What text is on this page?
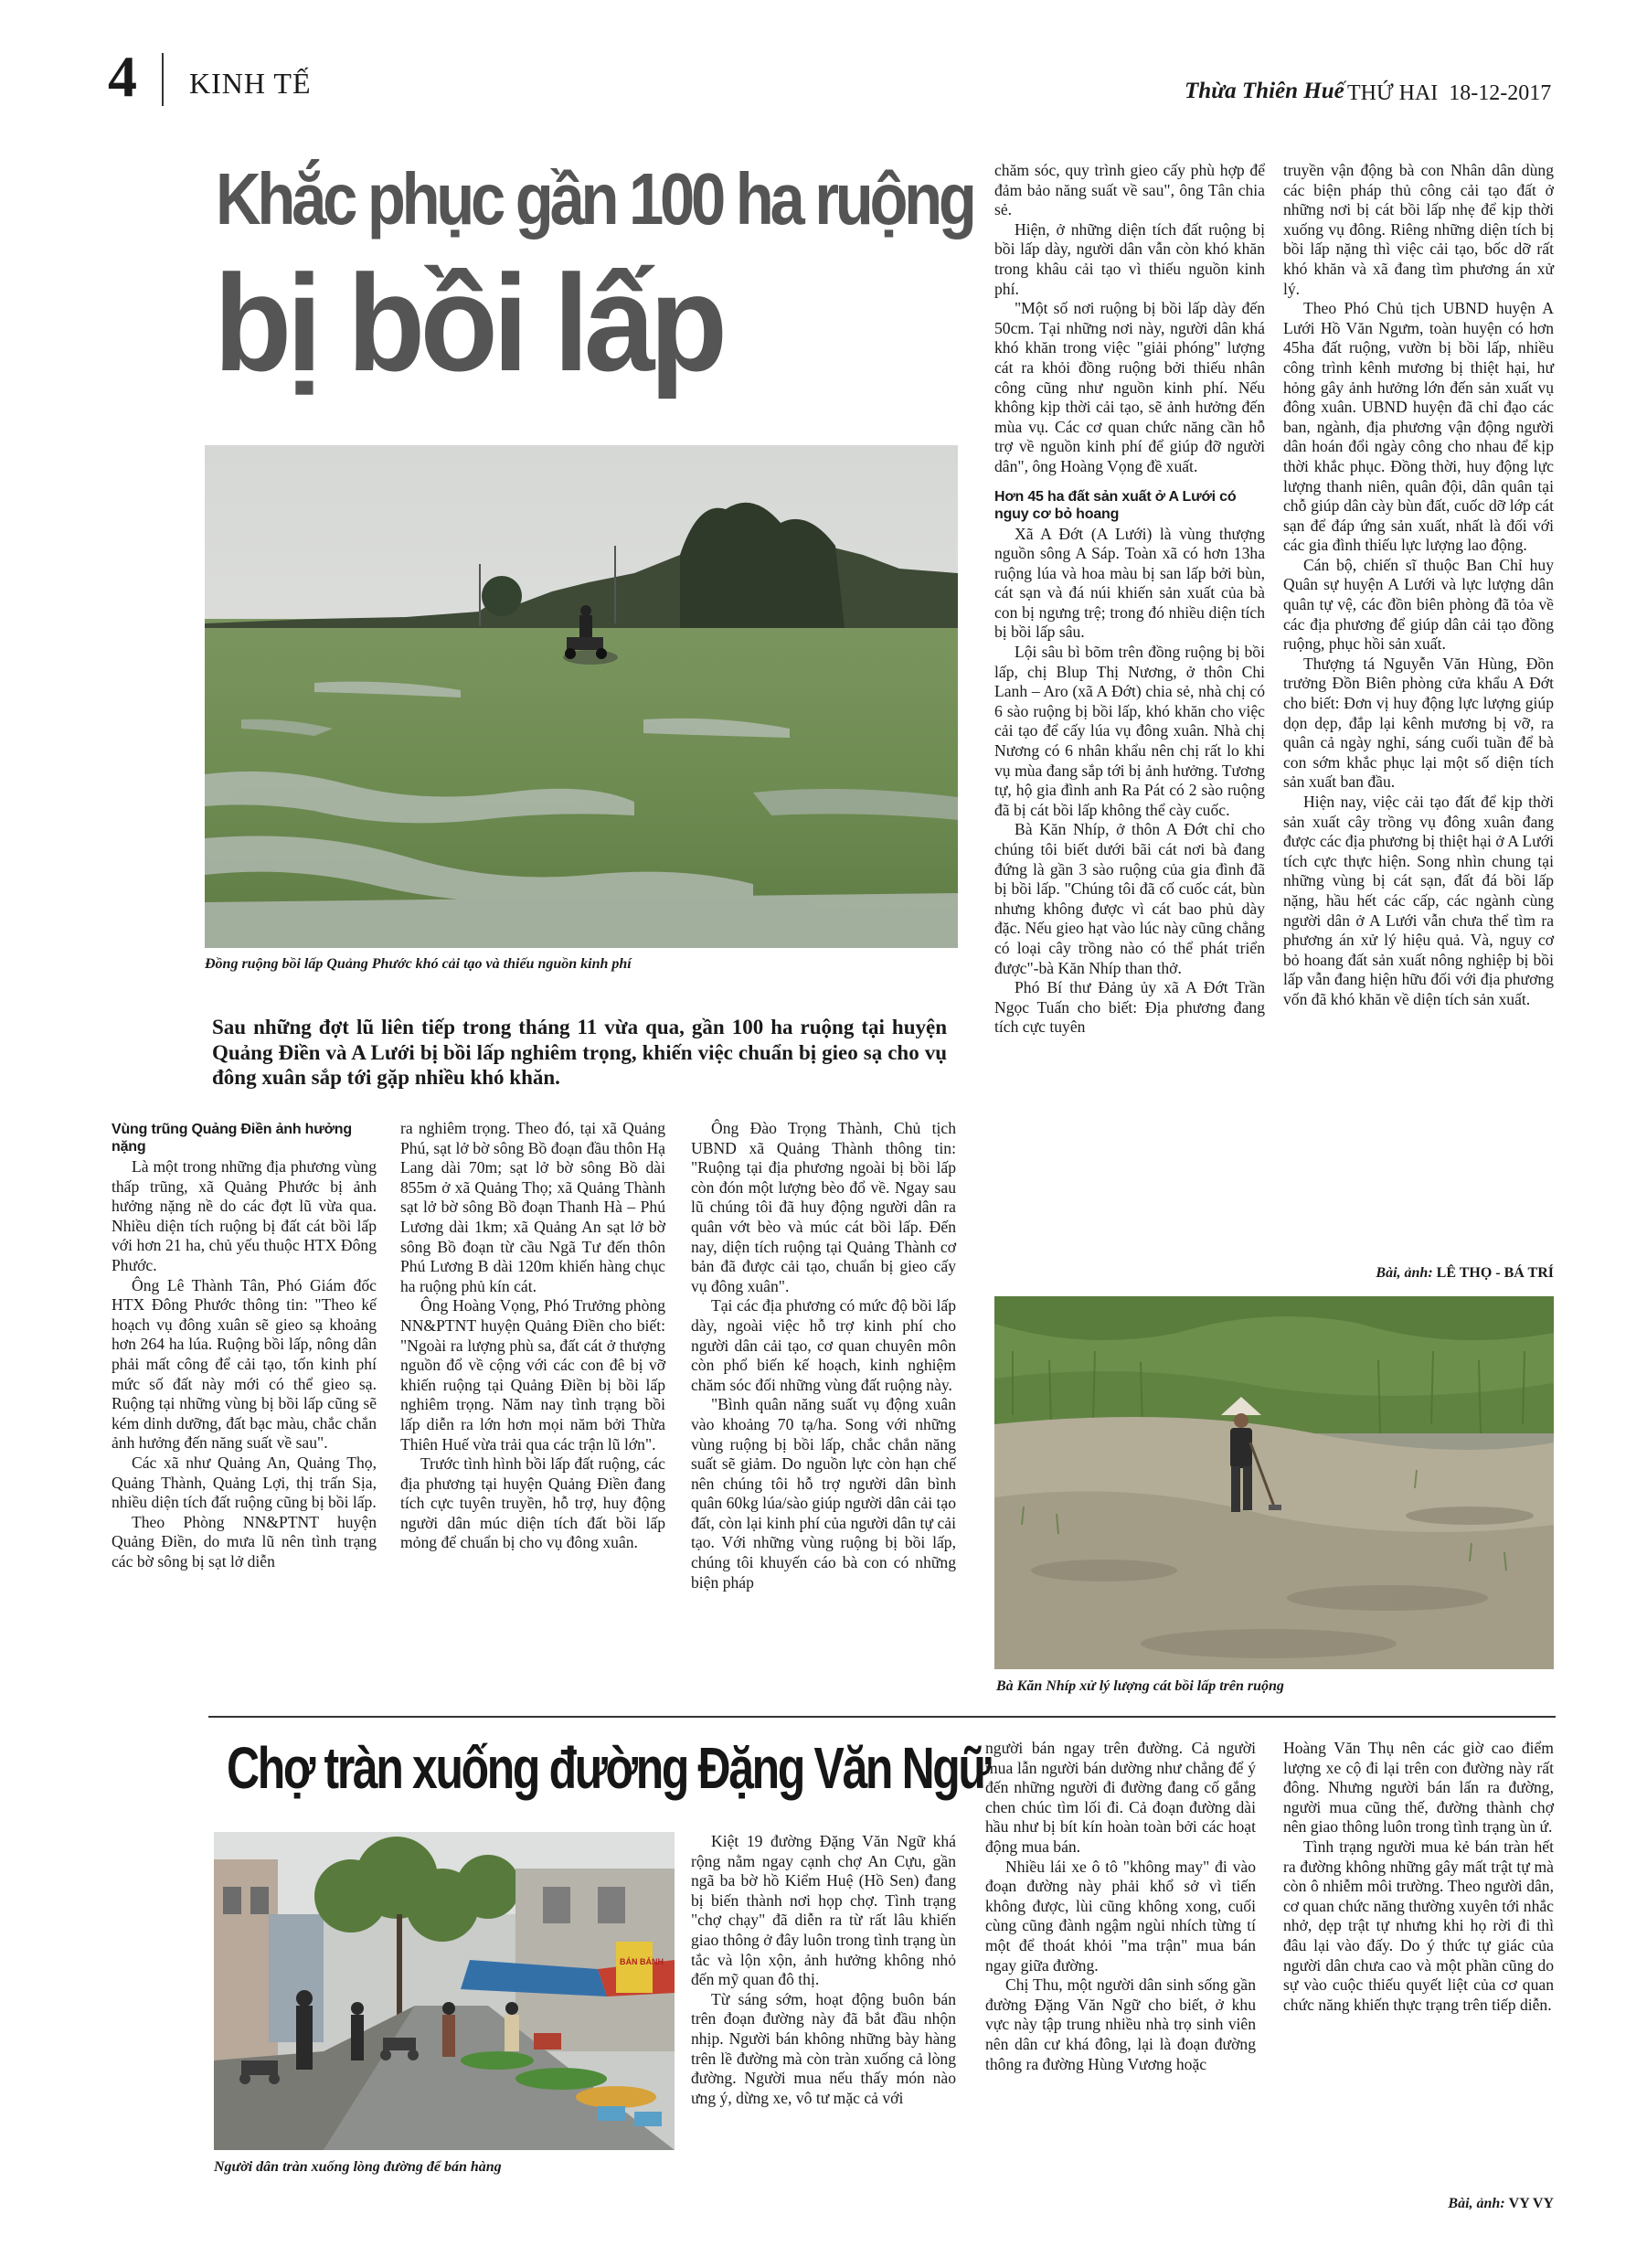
4 KINH TẾ	Thừa Thiên Huế THỨ HAI  18-12-2017
Khắc phục gần 100 ha ruộng
bị bồi lấp
Đồng ruộng bồi lấp Quảng Phước khó cải tạo và thiếu nguồn kinh phí
Sau những đợt lũ liên tiếp trong tháng 11 vừa qua, gần 100 ha ruộng tại huyện Quảng Điền và A Lưới bị bồi lấp nghiêm trọng, khiến việc chuẩn bị gieo sạ cho vụ đông xuân sắp tới gặp nhiều khó khăn.

Vùng trũng Quảng Điền ảnh hưởng nặng

Là một trong những địa phương vùng thấp trũng, xã Quảng Phước bị ảnh hưởng nặng nề do các đợt lũ vừa qua. Nhiều diện tích ruộng bị đất cát bồi lấp với hơn 21 ha, chủ yếu thuộc HTX Đông Phước.

Ông Lê Thành Tân, Phó Giám đốc HTX Đông Phước thông tin: "Theo kế hoạch vụ đông xuân sẽ gieo sạ khoảng hơn 264 ha lúa. Ruộng bồi lấp, nông dân phải mất công để cải tạo, tốn kinh phí mức số đất này mới có thể gieo sạ. Ruộng tại những vùng bị bồi lấp cũng sẽ kém dinh dưỡng, đất bạc màu, chắc chắn ảnh hưởng đến năng suất về sau".

Các xã như Quảng An, Quảng Thọ, Quảng Thành, Quảng Lợi, thị trấn Sịa, nhiều diện tích đất ruộng cũng bị bồi lấp.

Theo Phòng NN&PTNT huyện Quảng Điền, do mưa lũ nên tình trạng các bờ sông bị sạt lở diễn

ra nghiêm trọng. Theo đó, tại xã Quảng Phú, sạt lở bờ sông Bồ đoạn đầu thôn Hạ Lang dài 70m; sạt lở bờ sông Bồ dài 855m ở xã Quảng Thọ; xã Quảng Thành sạt lở bờ sông Bồ đoạn Thanh Hà – Phú Lương dài 1km; xã Quảng An sạt lở bờ sông Bồ đoạn từ cầu Ngã Tư đến thôn Phú Lương B dài 120m khiến hàng chục ha ruộng phủ kín cát.

Ông Hoàng Vọng, Phó Trưởng phòng NN&PTNT huyện Quảng Điền cho biết: "Ngoài ra lượng phù sa, đất cát ở thượng nguồn đổ về cộng với các con đê bị vỡ khiến ruộng tại Quảng Điền bị bồi lấp nghiêm trọng. Năm nay tình trạng bồi lấp diễn ra lớn hơn mọi năm bởi Thừa Thiên Huế vừa trải qua các trận lũ lớn".

Trước tình hình bồi lấp đất ruộng, các địa phương tại huyện Quảng Điền đang tích cực tuyên truyền, hỗ trợ, huy động người dân múc diện tích đất bồi lấp mỏng để chuẩn bị cho vụ đông xuân.

Ông Đào Trọng Thành, Chủ tịch UBND xã Quảng Thành thông tin: "Ruộng tại địa phương ngoài bị bồi lấp còn đón một lượng bèo đổ về. Ngay sau lũ chúng tôi đã huy động người dân ra quân vớt bèo và múc cát bồi lấp. Đến nay, diện tích ruộng tại Quảng Thành cơ bản đã được cải tạo, chuẩn bị gieo cấy vụ đông xuân".

Tại các địa phương có mức độ bồi lấp dày, ngoài việc hỗ trợ kinh phí cho người dân cải tạo, cơ quan chuyên môn còn phổ biến kế hoạch, kinh nghiệm chăm sóc đối những vùng đất ruộng này.

"Bình quân năng suất vụ động xuân vào khoảng 70 tạ/ha. Song với những vùng ruộng bị bồi lấp, chắc chắn năng suất sẽ giảm. Do nguồn lực còn hạn chế nên chúng tôi hỗ trợ người dân bình quân 60kg lúa/sào giúp người dân cải tạo đất, còn lại kinh phí của người dân tự cải tạo. Với những vùng ruộng bị bồi lấp, chúng tôi khuyến cáo bà con có những biện pháp

chăm sóc, quy trình gieo cấy phù hợp để đảm bảo năng suất về sau", ông Tân chia sẻ.

Hiện, ở những diện tích đất ruộng bị bồi lấp dày, người dân vẫn còn khó khăn trong khâu cải tạo vì thiếu nguồn kinh phí.

"Một số nơi ruộng bị bồi lấp dày đến 50cm. Tại những nơi này, người dân khá khó khăn trong việc "giải phóng" lượng cát ra khỏi đồng ruộng bởi thiếu nhân công cũng như nguồn kinh phí. Nếu không kịp thời cải tạo, sẽ ảnh hưởng đến mùa vụ. Các cơ quan chức năng cần hỗ trợ về nguồn kinh phí để giúp đỡ người dân", ông Hoàng Vọng đề xuất.

Hơn 45 ha đất sản xuất ở A Lưới có nguy cơ bỏ hoang

Xã A Đớt (A Lưới) là vùng thượng nguồn sông A Sáp. Toàn xã có hơn 13ha ruộng lúa và hoa màu bị san lấp bởi bùn, cát sạn và đá núi khiến sản xuất của bà con bị ngưng trệ; trong đó nhiều diện tích bị bồi lấp sâu.

Lội sâu bì bõm trên đồng ruộng bị bồi lấp, chị Blup Thị Nương, ở thôn Chi Lanh – Aro (xã A Đớt) chia sẻ, nhà chị có 6 sào ruộng bị bồi lấp, khó khăn cho việc cải tạo để cấy lúa vụ đông xuân. Nhà chị Nương có 6 nhân khẩu nên chị rất lo khi vụ mùa đang sắp tới bị ảnh hưởng. Tương tự, hộ gia đình anh Ra Pát có 2 sào ruộng đã bị cát bồi lấp không thể cày cuốc.

Bà Kăn Nhíp, ở thôn A Đớt chỉ cho chúng tôi biết dưới bãi cát nơi bà đang đứng là gần 3 sào ruộng của gia đình đã bị bồi lấp. "Chúng tôi đã cố cuốc cát, bùn nhưng không được vì cát bao phủ dày đặc. Nếu gieo hạt vào lúc này cũng chẳng có loại cây trồng nào có thể phát triển được"-bà Kăn Nhíp than thở.

Phó Bí thư Đảng ủy xã A Đớt Trần Ngọc Tuấn cho biết: Địa phương đang tích cực tuyên

truyền vận động bà con Nhân dân dùng các biện pháp thủ công cải tạo đất ở những nơi bị cát bồi lấp nhẹ để kịp thời xuống vụ đông. Riêng những diện tích bị bồi lấp nặng thì việc cải tạo, bốc dỡ rất khó khăn và xã đang tìm phương án xử lý.

Theo Phó Chủ tịch UBND huyện A Lưới Hồ Văn Ngưm, toàn huyện có hơn 45ha đất ruộng, vườn bị bồi lấp, nhiều công trình kênh mương bị thiệt hại, hư hỏng gây ảnh hưởng lớn đến sản xuất vụ đông xuân. UBND huyện đã chỉ đạo các ban, ngành, địa phương vận động người dân hoán đổi ngày công cho nhau để kịp thời khắc phục. Đồng thời, huy động lực lượng thanh niên, quân đội, dân quân tại chỗ giúp dân cày bùn đất, cuốc dỡ lớp cát sạn để đáp ứng sản xuất, nhất là đối với các gia đình thiếu lực lượng lao động.

Cán bộ, chiến sĩ thuộc Ban Chỉ huy Quân sự huyện A Lưới và lực lượng dân quân tự vệ, các đồn biên phòng đã tỏa về các địa phương để giúp dân cải tạo đồng ruộng, phục hồi sản xuất.

Thượng tá Nguyễn Văn Hùng, Đồn trưởng Đồn Biên phòng cửa khẩu A Đớt cho biết: Đơn vị huy động lực lượng giúp dọn dẹp, đắp lại kênh mương bị vỡ, ra quân cả ngày nghỉ, sáng cuối tuần để bà con sớm khắc phục lại một số diện tích sản xuất ban đầu.

Hiện nay, việc cải tạo đất để kịp thời sản xuất cây trồng vụ đông xuân đang được các địa phương bị thiệt hại ở A Lưới tích cực thực hiện. Song nhìn chung tại những vùng bị cát sạn, đất đá bồi lấp nặng, hầu hết các cấp, các ngành cùng người dân ở A Lưới vẫn chưa thể tìm ra phương án xử lý hiệu quả. Và, nguy cơ bỏ hoang đất sản xuất nông nghiệp bị bồi lấp vẫn đang hiện hữu đối với địa phương vốn đã khó khăn về diện tích sản xuất.

Bài, ảnh: LÊ THỌ - BÁ TRÍ
Bà Kăn Nhíp xử lý lượng cát bồi lấp trên ruộng
Chợ tràn xuống đường Đặng Văn Ngữ
BÁN BÁNH
Người dân tràn xuống lòng đường để bán hàng

Kiệt 19 đường Đặng Văn Ngữ khá rộng nằm ngay cạnh chợ An Cựu, gần ngã ba bờ hồ Kiểm Huệ (Hồ Sen) đang bị biến thành nơi họp chợ. Tình trạng "chợ chạy" đã diễn ra từ rất lâu khiến giao thông ở đây luôn trong tình trạng ùn tắc và lộn xộn, ảnh hưởng không nhỏ đến mỹ quan đô thị.

Từ sáng sớm, hoạt động buôn bán trên đoạn đường này đã bắt đầu nhộn nhịp. Người bán không những bày hàng trên lề đường mà còn tràn xuống cả lòng đường. Người mua nếu thấy món nào ưng ý, dừng xe, vô tư mặc cả với

người bán ngay trên đường. Cả người mua lẫn người bán dường như chẳng để ý đến những người đi đường đang cố gắng chen chúc tìm lối đi. Cả đoạn đường dài hầu như bị bít kín hoàn toàn bởi các hoạt động mua bán.

Nhiều lái xe ô tô "không may" đi vào đoạn đường này phải khổ sở vì tiến không được, lùi cũng không xong, cuối cùng cũng đành ngậm ngùi nhích từng tí một để thoát khỏi "ma trận" mua bán ngay giữa đường.

Chị Thu, một người dân sinh sống gần đường Đặng Văn Ngữ cho biết, ở khu vực này tập trung nhiều nhà trọ sinh viên nên dân cư khá đông, lại là đoạn đường thông ra đường Hùng Vương hoặc

Hoàng Văn Thụ nên các giờ cao điểm lượng xe cộ đi lại trên con đường này rất đông. Nhưng người bán lấn ra đường, người mua cũng thế, đường thành chợ nên giao thông luôn trong tình trạng ùn ứ.

Tình trạng người mua kẻ bán tràn hết ra đường không những gây mất trật tự mà còn ô nhiễm môi trường. Theo người dân, cơ quan chức năng thường xuyên tới nhắc nhở, dẹp trật tự nhưng khi họ rời đi thì đâu lại vào đấy. Do ý thức tự giác của người dân chưa cao và một phần cũng do sự vào cuộc thiếu quyết liệt của cơ quan chức năng khiến thực trạng trên tiếp diễn.

Bài, ảnh: VY VY
